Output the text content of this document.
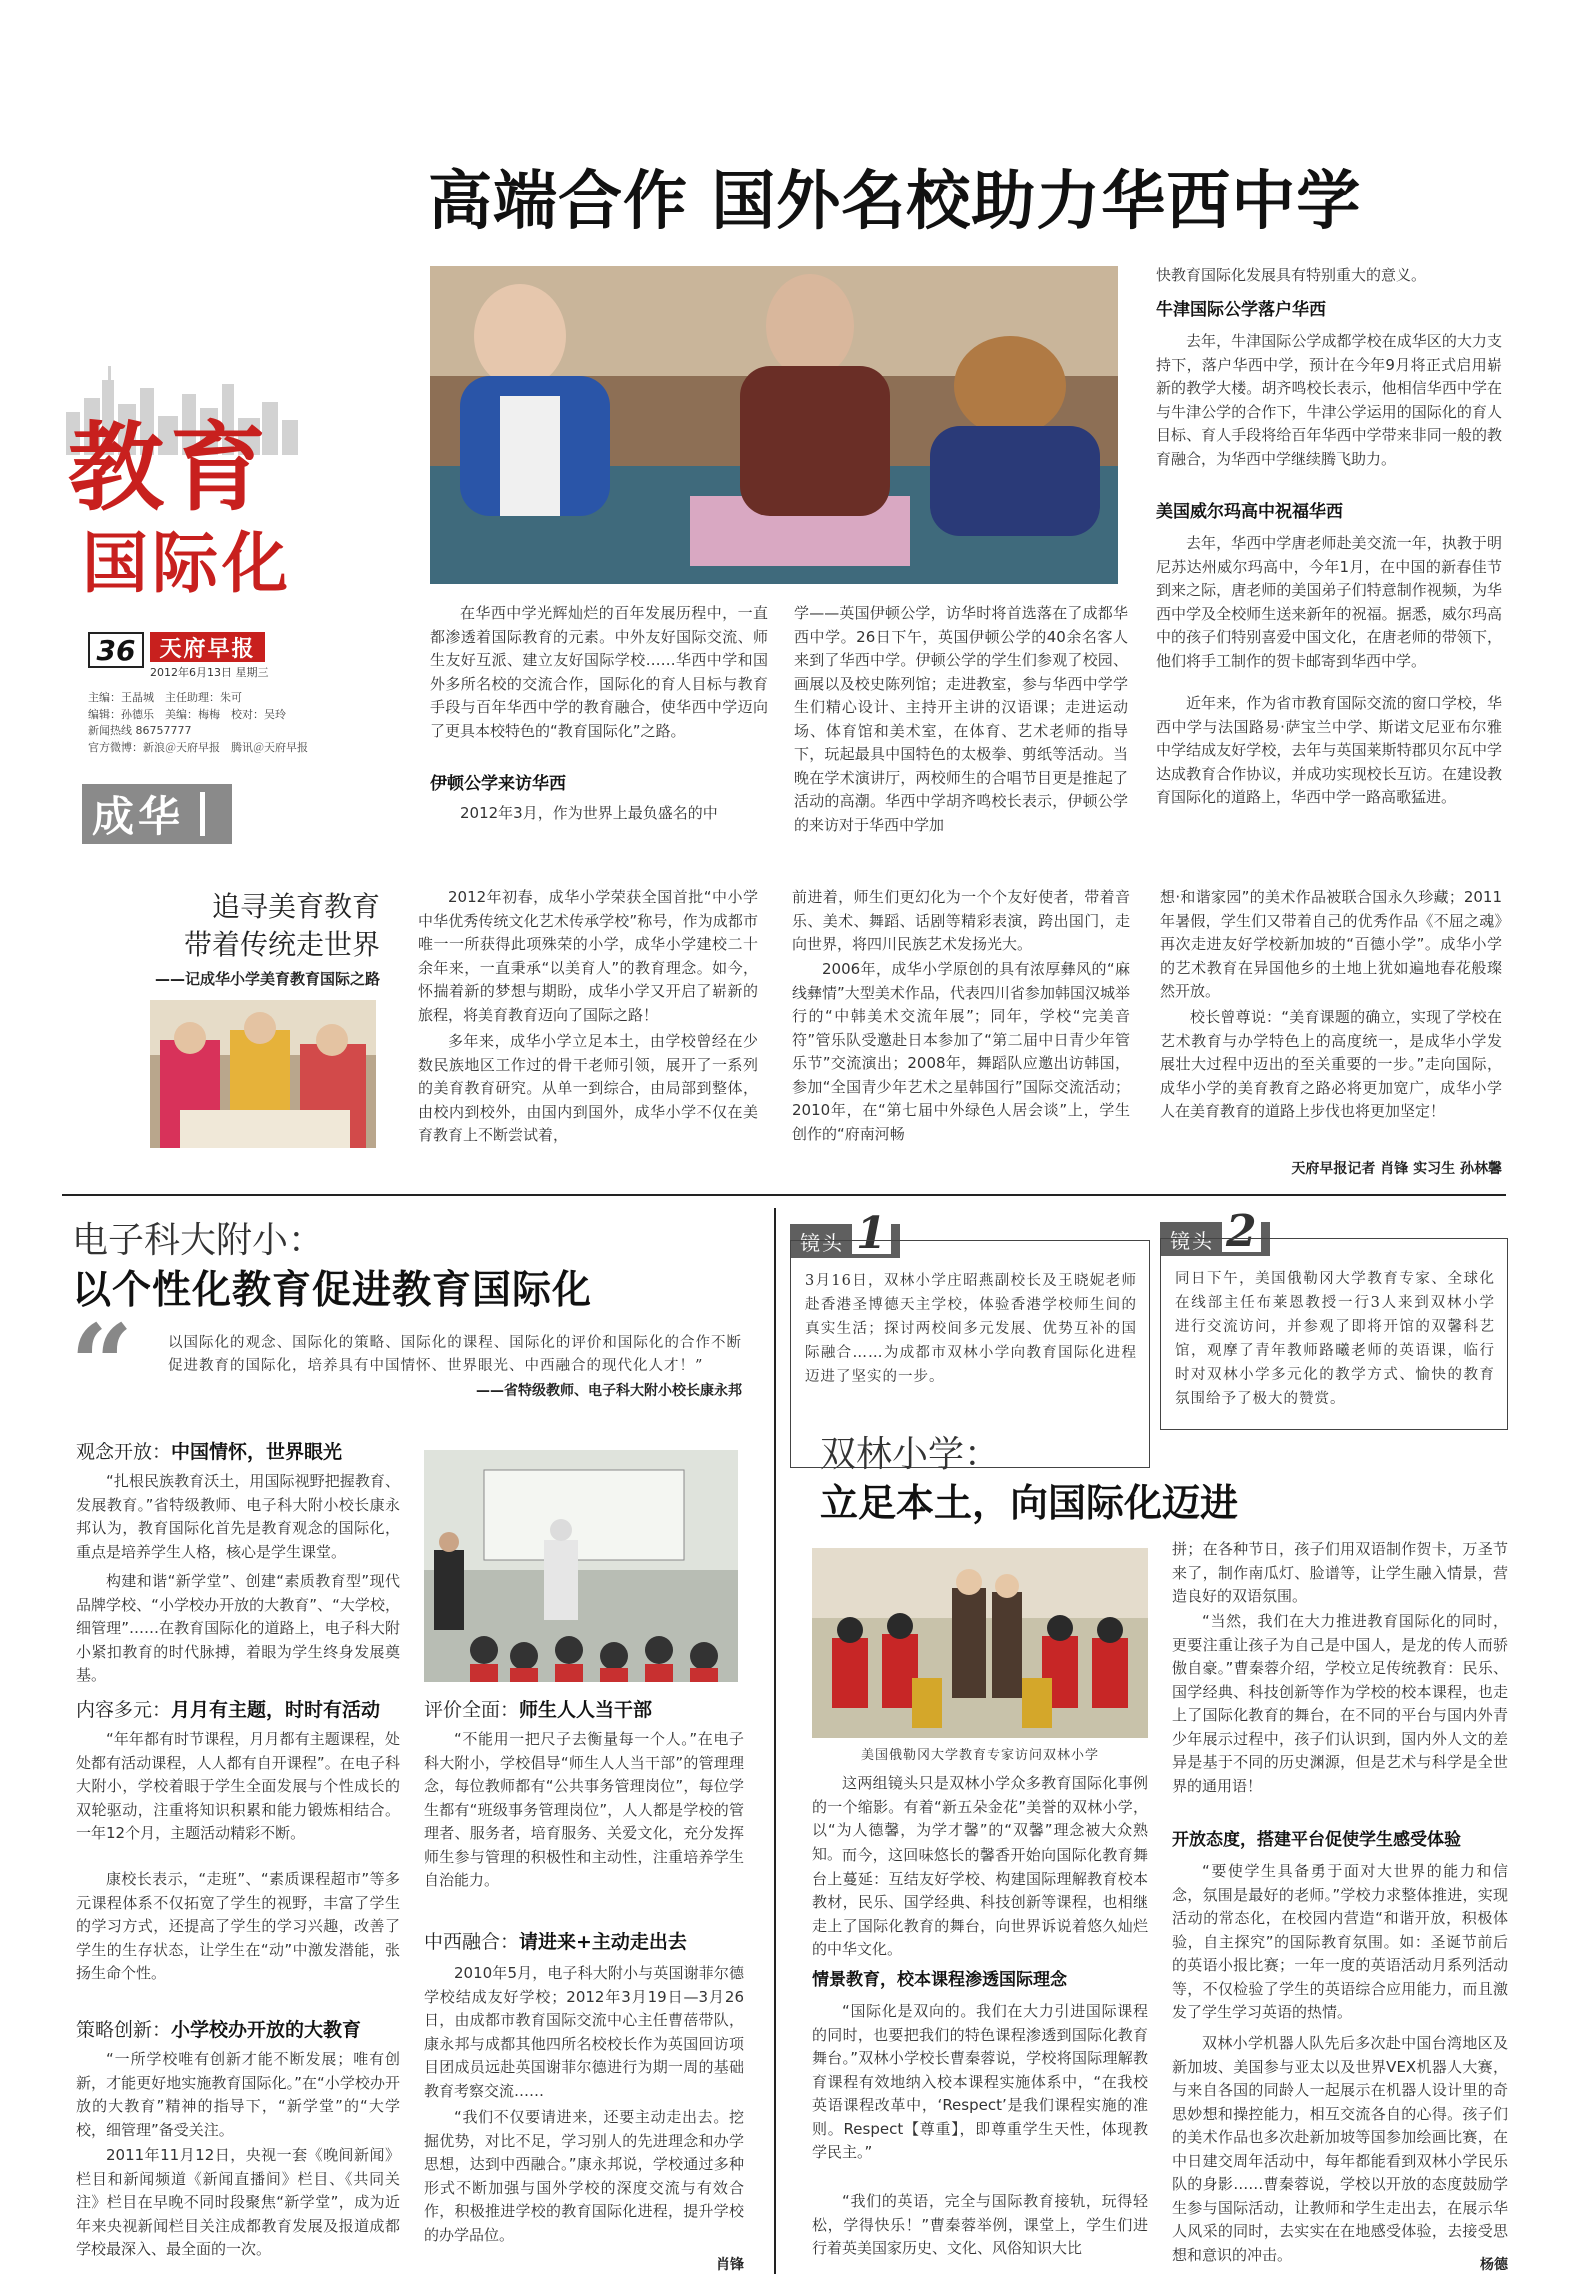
教育
国际化
36 天府早报
2012年6月13日 星期三
主编：王晶城　主任助理：朱可
编辑：孙德乐　美编：梅梅　校对：吴玲
新闻热线 86757777
官方微博：新浪＠天府早报　腾讯＠天府早报
成华
高端合作 国外名校助力华西中学
在华西中学光辉灿烂的百年发展历程中，一直都渗透着国际教育的元素。中外友好国际交流、师生友好互派、建立友好国际学校……华西中学和国外多所名校的交流合作，国际化的育人目标与教育手段与百年华西中学的教育融合，使华西中学迈向了更具本校特色的“教育国际化”之路。
伊顿公学来访华西
2012年3月，作为世界上最负盛名的中
学——英国伊顿公学，访华时将首选落在了成都华西中学。26日下午，英国伊顿公学的40余名客人来到了华西中学。伊顿公学的学生们参观了校园、画展以及校史陈列馆；走进教室，参与华西中学学生们精心设计、主持开主讲的汉语课；走进运动场、体育馆和美术室，在体育、艺术老师的指导下，玩起最具中国特色的太极拳、剪纸等活动。当晚在学术演讲厅，两校师生的合唱节目更是推起了活动的高潮。华西中学胡齐鸣校长表示，伊顿公学的来访对于华西中学加
快教育国际化发展具有特别重大的意义。
牛津国际公学落户华西
去年，牛津国际公学成都学校在成华区的大力支持下，落户华西中学，预计在今年9月将正式启用崭新的教学大楼。胡齐鸣校长表示，他相信华西中学在与牛津公学的合作下，牛津公学运用的国际化的育人目标、育人手段将给百年华西中学带来非同一般的教育融合，为华西中学继续腾飞助力。
美国威尔玛高中祝福华西
去年，华西中学唐老师赴美交流一年，执教于明尼苏达州威尔玛高中，今年1月，在中国的新春佳节到来之际，唐老师的美国弟子们特意制作视频，为华西中学及全校师生送来新年的祝福。据悉，威尔玛高中的孩子们特别喜爱中国文化，在唐老师的带领下，他们将手工制作的贺卡邮寄到华西中学。
近年来，作为省市教育国际交流的窗口学校，华西中学与法国路易·萨宝兰中学、斯诺文尼亚布尔雅中学结成友好学校，去年与英国莱斯特郡贝尔瓦中学达成教育合作协议，并成功实现校长互访。在建设教育国际化的道路上，华西中学一路高歌猛进。
追寻美育教育
带着传统走世界
——记成华小学美育教育国际之路
2012年初春，成华小学荣获全国首批“中小学中华优秀传统文化艺术传承学校”称号，作为成都市唯一一所获得此项殊荣的小学，成华小学建校二十余年来，一直秉承“以美育人”的教育理念。如今，怀揣着新的梦想与期盼，成华小学又开启了崭新的旅程，将美育教育迈向了国际之路！
多年来，成华小学立足本土，由学校曾经在少数民族地区工作过的骨干老师引领，展开了一系列的美育教育研究。从单一到综合，由局部到整体，由校内到校外，由国内到国外，成华小学不仅在美育教育上不断尝试着，
前进着，师生们更幻化为一个个友好使者，带着音乐、美术、舞蹈、话剧等精彩表演，跨出国门，走向世界，将四川民族艺术发扬光大。
2006年，成华小学原创的具有浓厚彝风的“麻线彝情”大型美术作品，代表四川省参加韩国汉城举行的“中韩美术交流年展”；同年，学校“完美音符”管乐队受邀赴日本参加了“第二届中日青少年管乐节”交流演出；2008年，舞蹈队应邀出访韩国，参加“全国青少年艺术之星韩国行”国际交流活动；2010年，在“第七届中外绿色人居会谈”上，学生创作的“府南河畅
想·和谐家园”的美术作品被联合国永久珍藏；2011年暑假，学生们又带着自己的优秀作品《不屈之魂》再次走进友好学校新加坡的“百德小学”。成华小学的艺术教育在异国他乡的土地上犹如遍地春花般璨然开放。
校长曾尊说：“美育课题的确立，实现了学校在艺术教育与办学特色上的高度统一，是成华小学发展壮大过程中迈出的至关重要的一步。”走向国际，成华小学的美育教育之路必将更加宽广，成华小学人在美育教育的道路上步伐也将更加坚定！
天府早报记者 肖锋 实习生 孙林馨
电子科大附小：
以个性化教育促进教育国际化
“ 以国际化的观念、国际化的策略、国际化的课程、国际化的评价和国际化的合作不断促进教育的国际化，培养具有中国情怀、世界眼光、中西融合的现代化人才！”
——省特级教师、电子科大附小校长康永邦
观念开放：中国情怀，世界眼光
“扎根民族教育沃土，用国际视野把握教育、发展教育。”省特级教师、电子科大附小校长康永邦认为，教育国际化首先是教育观念的国际化，重点是培养学生人格，核心是学生课堂。
构建和谐“新学堂”、创建“素质教育型”现代品牌学校、“小学校办开放的大教育”、“大学校，细管理”……在教育国际化的道路上，电子科大附小紧扣教育的时代脉搏，着眼为学生终身发展奠基。
内容多元：月月有主题，时时有活动
“年年都有时节课程，月月都有主题课程，处处都有活动课程，人人都有自开课程”。在电子科大附小，学校着眼于学生全面发展与个性成长的双轮驱动，注重将知识积累和能力锻炼相结合。一年12个月，主题活动精彩不断。
康校长表示，“走班”、“素质课程超市”等多元课程体系不仅拓宽了学生的视野，丰富了学生的学习方式，还提高了学生的学习兴趣，改善了学生的生存状态，让学生在“动”中激发潜能，张扬生命个性。
策略创新：小学校办开放的大教育
“一所学校唯有创新才能不断发展；唯有创新，才能更好地实施教育国际化。”在“小学校办开放的大教育”精神的指导下，“新学堂”的“大学校，细管理”备受关注。
2011年11月12日，央视一套《晚间新闻》栏目和新闻频道《新闻直播间》栏目、《共同关注》栏目在早晚不同时段聚焦“新学堂”，成为近年来央视新闻栏目关注成都教育发展及报道成都学校最深入、最全面的一次。
评价全面：师生人人当干部
“不能用一把尺子去衡量每一个人。”在电子科大附小，学校倡导“师生人人当干部”的管理理念，每位教师都有“公共事务管理岗位”，每位学生都有“班级事务管理岗位”，人人都是学校的管理者、服务者，培育服务、关爱文化，充分发挥师生参与管理的积极性和主动性，注重培养学生自治能力。
中西融合：请进来+主动走出去
2010年5月，电子科大附小与英国谢菲尔德学校结成友好学校；2012年3月19日—3月26日，由成都市教育国际交流中心主任曹蓓带队，康永邦与成都其他四所名校校长作为英国回访项目团成员远赴英国谢菲尔德进行为期一周的基础教育考察交流……
“我们不仅要请进来，还要主动走出去。挖掘优势，对比不足，学习别人的先进理念和办学思想，达到中西融合。”康永邦说，学校通过多种形式不断加强与国外学校的深度交流与有效合作，积极推进学校的教育国际化进程，提升学校的办学品位。
肖锋
镜头 1
3月16日，双林小学庄昭燕副校长及王晓妮老师赴香港圣博德天主学校，体验香港学校师生间的真实生活；探讨两校间多元发展、优势互补的国际融合……为成都市双林小学向教育国际化进程迈进了坚实的一步。
镜头 2
同日下午，美国俄勒冈大学教育专家、全球化在线部主任布莱恩教授一行3人来到双林小学进行交流访问，并参观了即将开馆的双馨科艺馆，观摩了青年教师路曦老师的英语课，临行时对双林小学多元化的教学方式、愉快的教育氛围给予了极大的赞赏。
双林小学：
立足本土，向国际化迈进
美国俄勒冈大学教育专家访问双林小学
这两组镜头只是双林小学众多教育国际化事例的一个缩影。有着“新五朵金花”美誉的双林小学，以“为人德馨，为学才馨”的“双馨”理念被大众熟知。 而今，这回味悠长的馨香开始向国际化教育舞台上蔓延：互结友好学校、构建国际理解教育校本教材，民乐、国学经典、科技创新等课程，也相继走上了国际化教育的舞台，向世界诉说着悠久灿烂的中华文化。
情景教育，校本课程渗透国际理念
“国际化是双向的。我们在大力引进国际课程的同时，也要把我们的特色课程渗透到国际化教育舞台。”双林小学校长曹秦蓉说，学校将国际理解教育课程有效地纳入校本课程实施体系中，“在我校英语课程改革中，‘Respect’是我们课程实施的准则。Respect【尊重】，即尊重学生天性，体现教学民主。”
“我们的英语，完全与国际教育接轨，玩得轻松，学得快乐！”曹秦蓉举例，课堂上，学生们进行着英美国家历史、文化、风俗知识大比
拼；在各种节日，孩子们用双语制作贺卡，万圣节来了，制作南瓜灯、脸谱等，让学生融入情景，营造良好的双语氛围。
“当然，我们在大力推进教育国际化的同时，更要注重让孩子为自己是中国人，是龙的传人而骄傲自豪。”曹秦蓉介绍，学校立足传统教育：民乐、国学经典、科技创新等作为学校的校本课程，也走上了国际化教育的舞台，在不同的平台与国内外青少年展示过程中，孩子们认识到，国内外人文的差异是基于不同的历史渊源，但是艺术与科学是全世界的通用语！
开放态度，搭建平台促使学生感受体验
“要使学生具备勇于面对大世界的能力和信念，氛围是最好的老师。”学校力求整体推进，实现活动的常态化，在校园内营造“和谐开放，积极体验，自主探究”的国际教育氛围。如：圣诞节前后的英语小报比赛；一年一度的英语活动月系列活动等，不仅检验了学生的英语综合应用能力，而且激发了学生学习英语的热情。
双林小学机器人队先后多次赴中国台湾地区及新加坡、美国参与亚太以及世界VEX机器人大赛，与来自各国的同龄人一起展示在机器人设计里的奇思妙想和操控能力，相互交流各自的心得。孩子们的美术作品也多次赴新加坡等国参加绘画比赛，在中日建交周年活动中，每年都能看到双林小学民乐队的身影……曹秦蓉说，学校以开放的态度鼓励学生参与国际活动，让教师和学生走出去，在展示华人风采的同时，去实实在在地感受体验，去接受思想和意识的冲击。
杨德
